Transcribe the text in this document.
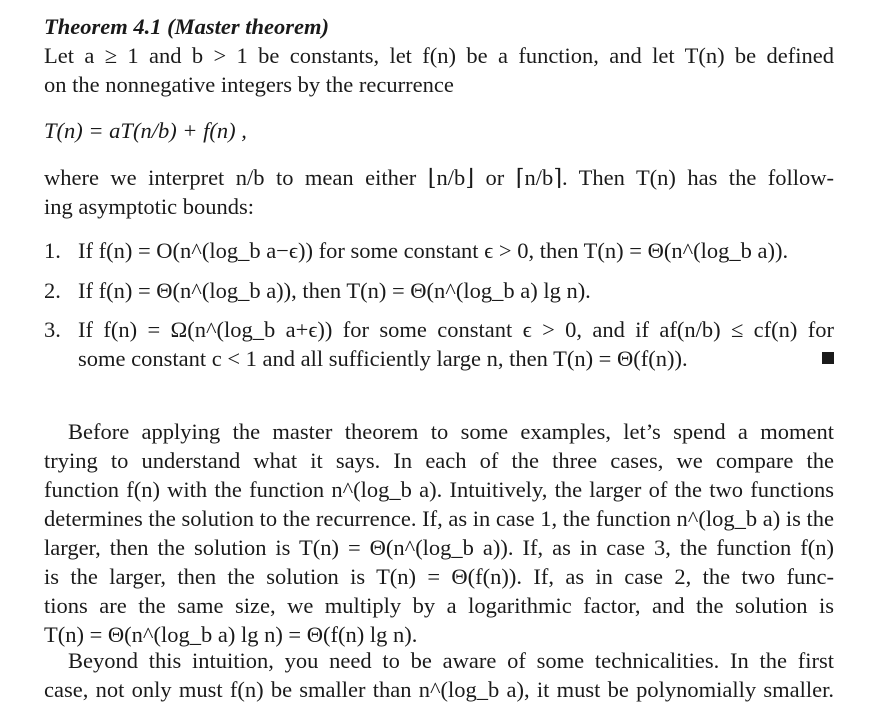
Theorem 4.1 (Master theorem)
Let a ≥ 1 and b > 1 be constants, let f(n) be a function, and let T(n) be defined
on the nonnegative integers by the recurrence
T(n) = aT(n/b) + f(n) ,
where we interpret n/b to mean either ⌊n/b⌋ or ⌈n/b⌉. Then T(n) has the follow-
ing asymptotic bounds:
1. If f(n) = O(n^(log_b a−ϵ)) for some constant ϵ > 0, then T(n) = Θ(n^(log_b a)).
2. If f(n) = Θ(n^(log_b a)), then T(n) = Θ(n^(log_b a) lg n).
3. If f(n) = Ω(n^(log_b a+ϵ)) for some constant ϵ > 0, and if af(n/b) ≤ cf(n) for
some constant c < 1 and all sufficiently large n, then T(n) = Θ(f(n)).
Before applying the master theorem to some examples, let’s spend a moment
trying to understand what it says. In each of the three cases, we compare the
function f(n) with the function n^(log_b a). Intuitively, the larger of the two functions
determines the solution to the recurrence. If, as in case 1, the function n^(log_b a) is the
larger, then the solution is T(n) = Θ(n^(log_b a)). If, as in case 3, the function f(n)
is the larger, then the solution is T(n) = Θ(f(n)). If, as in case 2, the two func-
tions are the same size, we multiply by a logarithmic factor, and the solution is
T(n) = Θ(n^(log_b a) lg n) = Θ(f(n) lg n).
Beyond this intuition, you need to be aware of some technicalities. In the first
case, not only must f(n) be smaller than n^(log_b a), it must be polynomially smaller.
